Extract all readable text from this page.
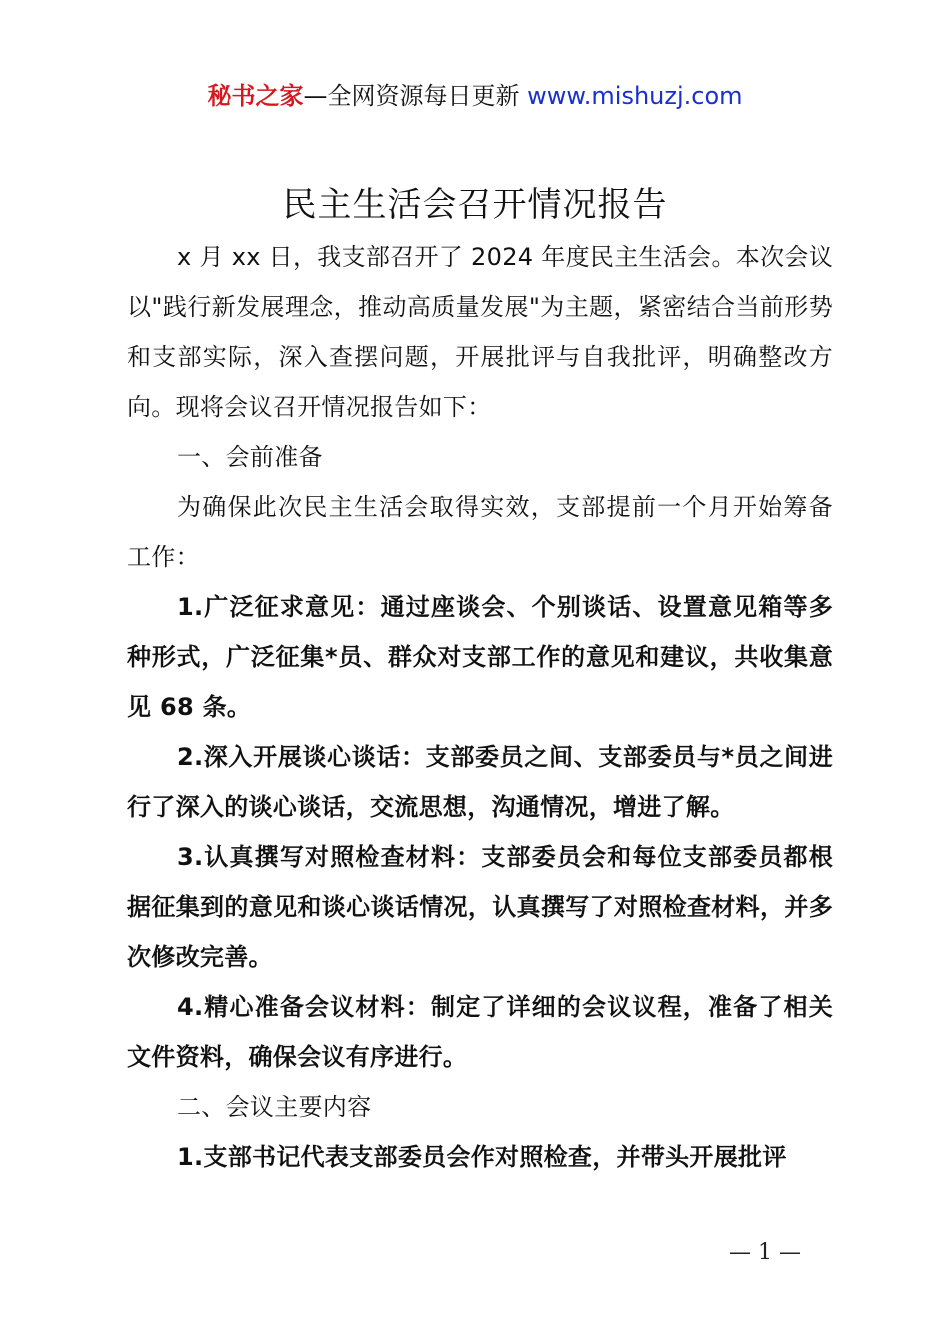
秘书之家—全网资源每日更新 www.mishuzj.com
民主生活会召开情况报告

x 月 xx 日，我支部召开了 2024 年度民主生活会。本次会议以"践行新发展理念，推动高质量发展"为主题，紧密结合当前形势和支部实际，深入查摆问题，开展批评与自我批评，明确整改方向。现将会议召开情况报告如下：

一、会前准备

为确保此次民主生活会取得实效，支部提前一个月开始筹备工作：

1.广泛征求意见：通过座谈会、个别谈话、设置意见箱等多种形式，广泛征集*员、群众对支部工作的意见和建议，共收集意见 68 条。

2.深入开展谈心谈话：支部委员之间、支部委员与*员之间进行了深入的谈心谈话，交流思想，沟通情况，增进了解。

3.认真撰写对照检查材料：支部委员会和每位支部委员都根据征集到的意见和谈心谈话情况，认真撰写了对照检查材料，并多次修改完善。

4.精心准备会议材料：制定了详细的会议议程，准备了相关文件资料，确保会议有序进行。

二、会议主要内容

1.支部书记代表支部委员会作对照检查，并带头开展批评

— 1 —
